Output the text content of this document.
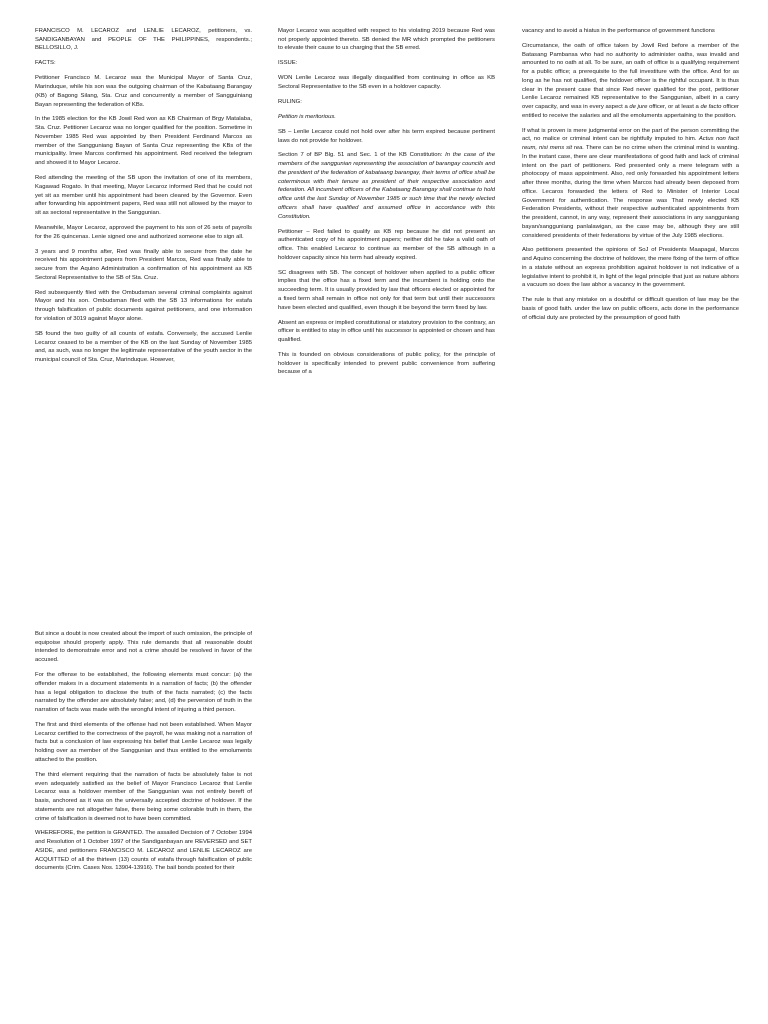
FRANCISCO M. LECAROZ and LENLIE LECAROZ, petitioners, vs. SANDIGANBAYAN and PEOPLE OF THE PHILIPPINES, respondents.; BELLOSILLO, J.

FACTS:

Petitioner Francisco M. Lecaroz was the Municipal Mayor of Santa Cruz, Marinduque, while his son was the outgoing chairman of the Kabataang Barangay (KB) of Bagong Silang, Sta. Cruz and concurrently a member of Sangguiniang Bayan representing the federation of KBs.

In the 1985 election for the KB Jowil Red won as KB Chairman of Brgy Matalaba, Sta. Cruz. Petitioner Lecaroz was no longer qualified for the position. Sometime in November 1985 Red was appointed by then President Ferdinand Marcos as member of the Sangguniang Bayan of Santa Cruz representing the KBs of the municipality. Imee Marcos confirmed his appointment. Red received the telegram and showed it to Mayor Lecaroz.

Red attending the meeting of the SB upon the invitation of one of its members, Kagawad Rogato. In that meeting, Mayor Lecaroz informed Red that he could not yet sit as member until his appointment had been cleared by the Governor. Even after forwarding his appointment papers, Red was still not allowed by the mayor to sit as sectoral representative in the Sanggunian.

Meanwhile, Mayor Lecaroz, approved the payment to his son of 26 sets of payrolls for the 26 quincenas. Lenie signed one and authorized someone else to sign all.

3 years and 9 months after, Red was finally able to secure from the date he received his appointment papers from President Marcos, Red was finally able to secure from the Aquino Administration a confirmation of his appointment as KB Sectoral Representative to the SB of Sta. Cruz.

Red subsequently filed with the Ombudsman several criminal complaints against Mayor and his son. Ombudsman filed with the SB 13 informations for estafa through falsification of public documents against petitioners, and one information for violation of 3019 against Mayor alone.

SB found the two guilty of all counts of estafa. Conversely, the accused Lenlie Lecaroz ceased to be a member of the KB on the last Sunday of November 1985 and, as such, was no longer the legitimate representative of the youth sector in the municipal council of Sta. Cruz, Marinduque. However,

Mayor Lecaroz was acquitted with respect to his violating 2019 because Red was not properly appointed thereto. SB denied the MR which prompted the petitioners to elevate their cause to us charging that the SB erred.

ISSUE:

WON Lenlie Lecaroz was illegally disqualified from continuing in office as KB Sectoral Representative to the SB even in a holdover capacity.

RULING:

Petition is meritorious.

SB – Lenlie Lecaroz could not hold over after his term expired because pertinent laws do not provide for holdover.

Section 7 of BP Blg. 51 and Sec. 1 of the KB Constitution: In the case of the members of the sanggunian representing the association of barangay councils and the president of the federation of kabataang barangay, their terms of office shall be coterminous with their tenure as president of their respective association and federation. All incumbent officers of the Kabataang Barangay shall continue to hold office until the last Sunday of November 1985 or such time that the newly elected officers shall have qualified and assumed office in accordance with this Constitution.

Petitioner – Red failed to qualify as KB rep because he did not present an authenticated copy of his appointment papers; neither did he take a valid oath of office. This enabled Lecaroz to continue as member of the SB although in a holdover capacity since his term had already expired.

SC disagrees with SB. The concept of holdover when applied to a public officer implies that the office has a fixed term and the incumbent is holding onto the succeeding term. It is usually provided by law that officers elected or appointed for a fixed term shall remain in office not only for that term but until their successors have been elected and qualified, even though it be beyond the term fixed by law.

Absent an express or implied constitutional or statutory provision to the contrary, an officer is entitled to stay in office until his successor is appointed or chosen and has qualified.

This is founded on obvious considerations of public policy, for the principle of holdover is specifically intended to prevent public convenience from suffering because of a

vacancy and to avoid a hiatus in the performance of government functions

Circumstance, the oath of office taken by Jowil Red before a member of the Batasang Pambansa who had no authority to administer oaths, was invalid and amounted to no oath at all. To be sure, an oath of office is a qualifying requirement for a public office; a prerequisite to the full investiture with the office. And for as long as he has not qualified, the holdover officer is the rightful occupant. It is thus clear in the present case that since Red never qualified for the post, petitioner Lenlie Lecaroz remained KB representative to the Sanggunian, albeit in a carry over capacity, and was in every aspect a de jure officer, or at least a de facto officer entitled to receive the salaries and all the emoluments appertaining to the position.

If what is proven is mere judgmental error on the part of the person committing the act, no malice or criminal intent can be rightfully imputed to him. Actus non facit reum, nisi mens sit rea. There can be no crime when the criminal mind is wanting. In the instant case, there are clear manifestations of good faith and lack of criminal intent on the part of petitioners. Red presented only a mere telegram with a photocopy of mass appointment. Also, red only forwarded his appointment letters after three months, during the time when Marcos had already been deposed from office. Lecaros forwarded the letters of Red to Minister of Interior Local Government for authentication. The response was That newly elected KB Federation Presidents, without their respective authenticated appointments from the president, cannot, in any way, represent their associations in any sangguniang bayan/sangguniang panlalawigan, as the case may be, although they are still considered presidents of their federations by virtue of the July 1985 elections.

Also petitioners presented the opinions of SoJ of Presidents Maapagal, Marcos and Aquino concerning the doctrine of holdover, the mere fixing of the term of office in a statute without an express prohibition against holdover is not indicative of a legislative intent to prohibit it, in light of the legal principle that just as nature abhors a vacuum so does the law abhor a vacancy in the government.

The rule is that any mistake on a doubtful or difficult question of law may be the basis of good faith. under the law on public officers, acts done in the performance of official duty are protected by the presumption of good faith

But since a doubt is now created about the import of such omission, the principle of equipoise should properly apply. This rule demands that all reasonable doubt intended to demonstrate error and not a crime should be resolved in favor of the accused.

For the offense to be established, the following elements must concur: (a) the offender makes in a document statements in a narration of facts; (b) the offender has a legal obligation to disclose the truth of the facts narrated; (c) the facts narrated by the offender are absolutely false; and, (d) the perversion of truth in the narration of facts was made with the wrongful intent of injuring a third person.

The first and third elements of the offense had not been established. When Mayor Lecaroz certified to the correctness of the payroll, he was making not a narration of facts but a conclusion of law expressing his belief that Lenlie Lecaroz was legally holding over as member of the Sanggunian and thus entitled to the emoluments attached to the position.

The third element requiring that the narration of facts be absolutely false is not even adequately satisfied as the belief of Mayor Francisco Lecaroz that Lenlie Lecaroz was a holdover member of the Sanggunian was not entirely bereft of basis, anchored as it was on the universally accepted doctrine of holdover. If the statements are not altogether false, there being some colorable truth in them, the crime of falsification is deemed not to have been committed.

WHEREFORE, the petition is GRANTED. The assailed Decision of 7 October 1994 and Resolution of 1 October 1997 of the Sandiganbayan are REVERSED and SET ASIDE, and petitioners FRANCISCO M. LECAROZ and LENLIE LECAROZ are ACQUITTED of all the thirteen (13) counts of estafa through falsification of public documents (Crim. Cases Nos. 13904-13916). The bail bonds posted for their
